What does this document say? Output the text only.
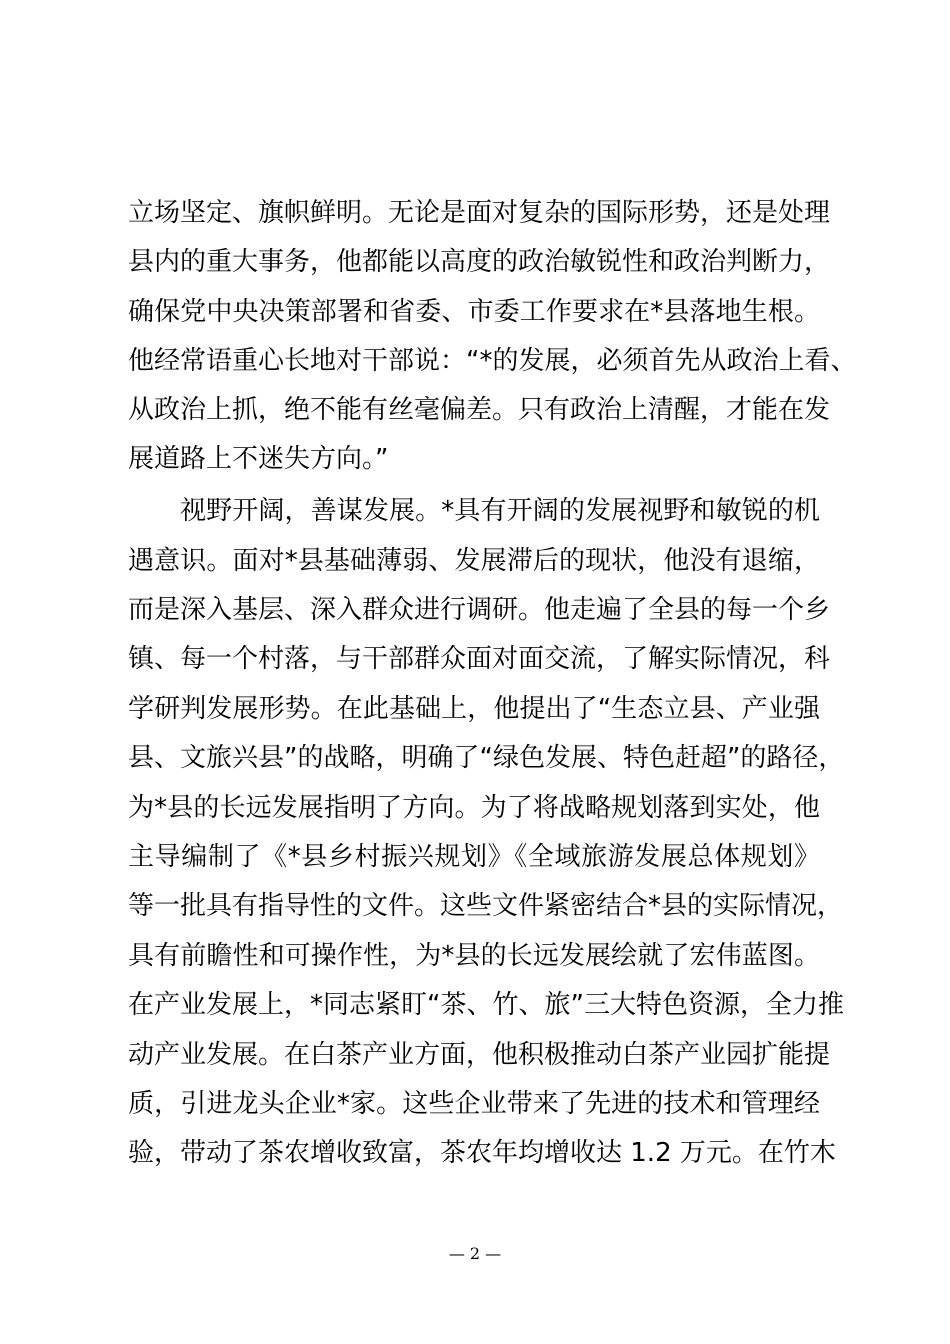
立场坚定、旗帜鲜明。无论是面对复杂的国际形势，还是处理
县内的重大事务，他都能以高度的政治敏锐性和政治判断力，
确保党中央决策部署和省委、市委工作要求在*县落地生根。
他经常语重心长地对干部说：“*的发展，必须首先从政治上看、
从政治上抓，绝不能有丝毫偏差。只有政治上清醒，才能在发
展道路上不迷失方向。”
视野开阔，善谋发展。*具有开阔的发展视野和敏锐的机
遇意识。面对*县基础薄弱、发展滞后的现状，他没有退缩，
而是深入基层、深入群众进行调研。他走遍了全县的每一个乡
镇、每一个村落，与干部群众面对面交流，了解实际情况，科
学研判发展形势。在此基础上，他提出了“生态立县、产业强
县、文旅兴县”的战略，明确了“绿色发展、特色赶超”的路径，
为*县的长远发展指明了方向。为了将战略规划落到实处，他
主导编制了《*县乡村振兴规划》《全域旅游发展总体规划》
等一批具有指导性的文件。这些文件紧密结合*县的实际情况，
具有前瞻性和可操作性，为*县的长远发展绘就了宏伟蓝图。
在产业发展上，*同志紧盯“茶、竹、旅”三大特色资源，全力推
动产业发展。在白茶产业方面，他积极推动白茶产业园扩能提
质，引进龙头企业*家。这些企业带来了先进的技术和管理经
验，带动了茶农增收致富，茶农年均增收达 1.2 万元。在竹木
— 2 —
